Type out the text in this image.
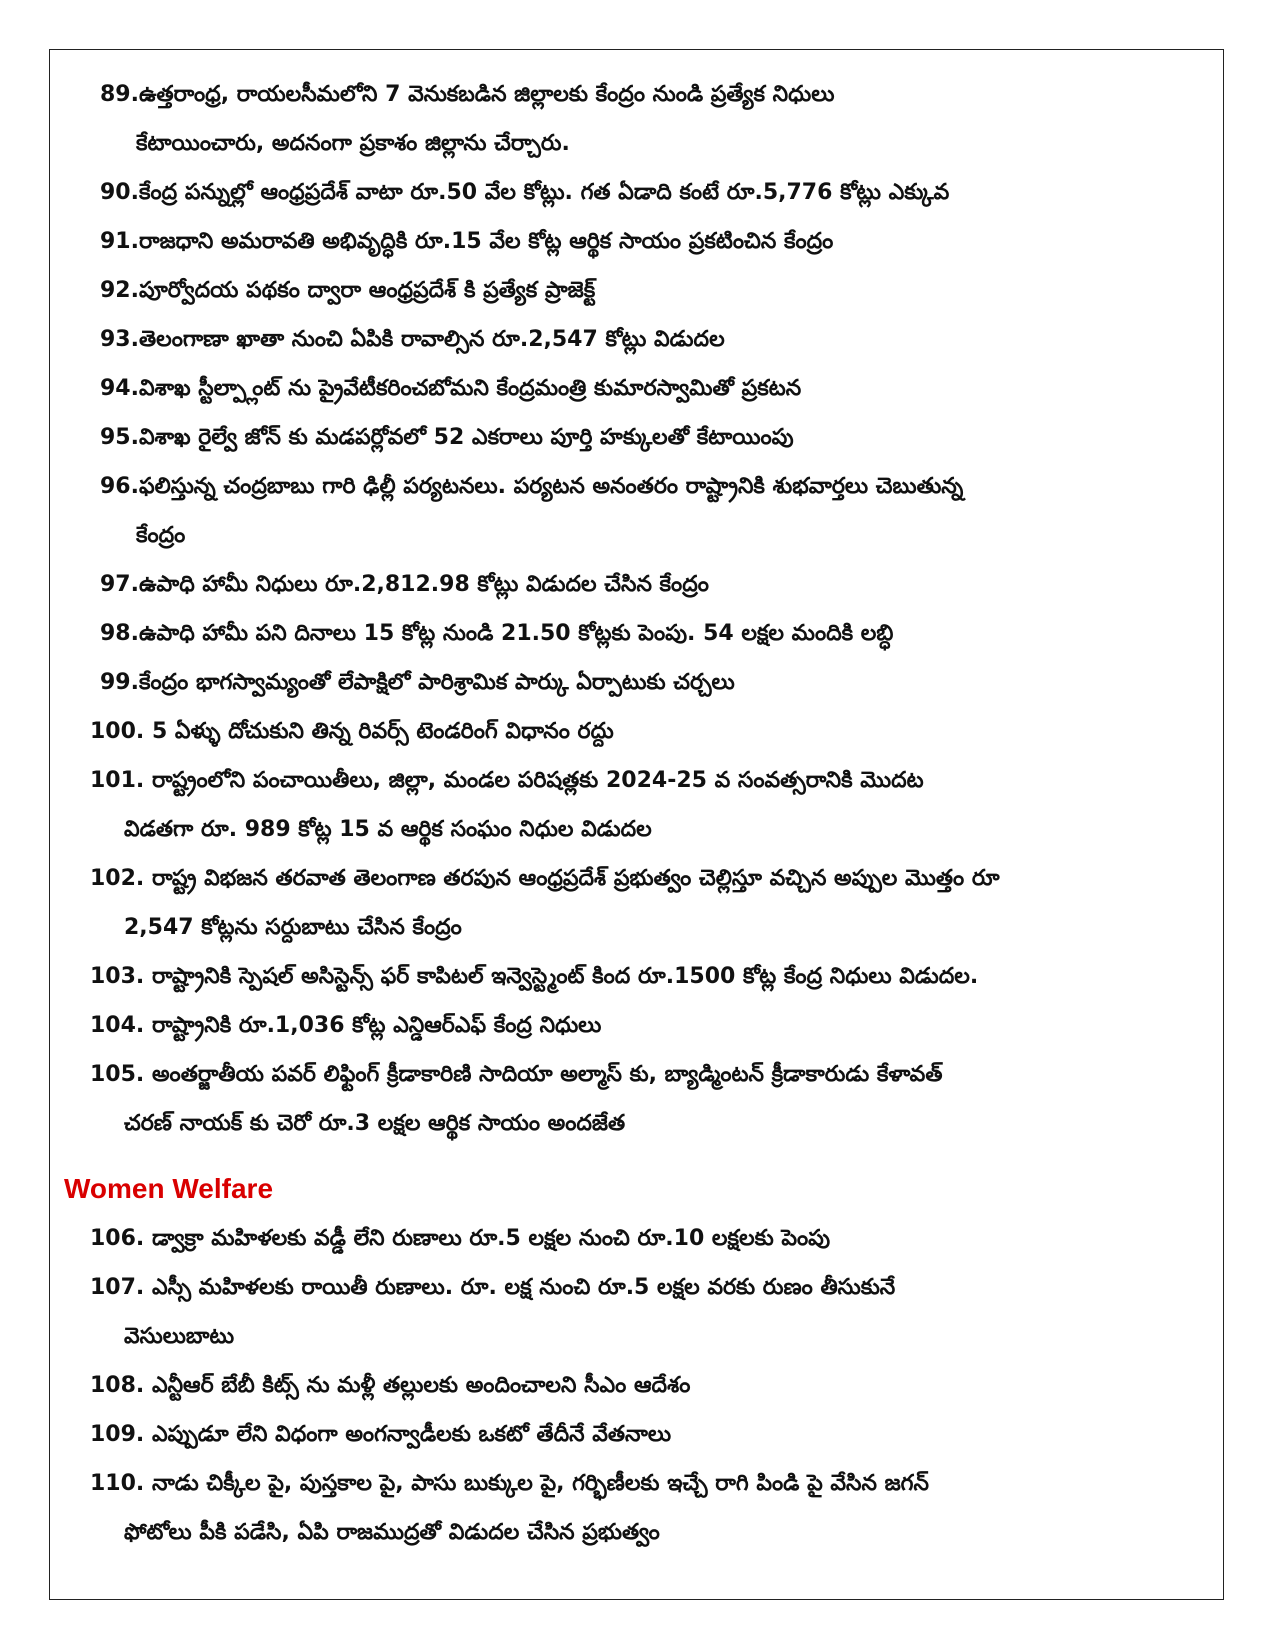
89.ఉత్తరాంధ్ర, రాయలసీమలోని 7 వెనుకబడిన జిల్లాలకు కేంద్రం నుండి ప్రత్యేక నిధులు
కేటాయించారు, అదనంగా ప్రకాశం జిల్లాను చేర్చారు.
90.కేంద్ర పన్నుల్లో ఆంధ్రప్రదేశ్ వాటా రూ.50 వేల కోట్లు. గత ఏడాది కంటే రూ.5,776 కోట్లు ఎక్కువ
91.రాజధాని అమరావతి అభివృద్ధికి రూ.15 వేల కోట్ల ఆర్థిక సాయం ప్రకటించిన కేంద్రం
92.పూర్వోదయ పథకం ద్వారా ఆంధ్రప్రదేశ్ కి ప్రత్యేక ప్రాజెక్ట్
93.తెలంగాణా ఖాతా నుంచి ఏపికి రావాల్సిన రూ.2,547 కోట్లు విడుదల
94.విశాఖ స్టీల్ప్లాంట్ ను ప్రైవేటీకరించబోమని కేంద్రమంత్రి కుమారస్వామితో ప్రకటన
95.విశాఖ రైల్వే జోన్ కు మడపర్లోవలో 52 ఎకరాలు పూర్తి హక్కులతో కేటాయింపు
96.ఫలిస్తున్న చంద్రబాబు గారి ఢిల్లీ పర్యటనలు. పర్యటన అనంతరం రాష్ట్రానికి శుభవార్తలు చెబుతున్న
కేంద్రం
97.ఉపాధి హామీ నిధులు రూ.2,812.98 కోట్లు విడుదల చేసిన కేంద్రం
98.ఉపాధి హామీ పని దినాలు 15 కోట్ల నుండి 21.50 కోట్లకు పెంపు. 54 లక్షల మందికి లబ్ధి
99.కేంద్రం భాగస్వామ్యంతో లేపాక్షిలో పారిశ్రామిక పార్కు ఏర్పాటుకు చర్చలు
100. 5 ఏళ్ళు దోచుకుని తిన్న రివర్స్ టెండరింగ్ విధానం రద్దు
101. రాష్ట్రంలోని పంచాయితీలు, జిల్లా, మండల పరిషత్లకు 2024-25 వ సంవత్సరానికి మొదట
విడతగా రూ. 989 కోట్ల 15 వ ఆర్థిక సంఘం నిధుల విడుదల
102. రాష్ట్ర విభజన తరవాత తెలంగాణ తరపున ఆంధ్రప్రదేశ్ ప్రభుత్వం చెల్లిస్తూ వచ్చిన అప్పుల మొత్తం రూ
2,547 కోట్లను సర్దుబాటు చేసిన కేంద్రం
103. రాష్ట్రానికి స్పెషల్ అసిస్టెన్స్ ఫర్ కాపిటల్ ఇన్వెస్ట్మెంట్ కింద రూ.1500 కోట్ల కేంద్ర నిధులు విడుదల.
104. రాష్ట్రానికి రూ.1,036 కోట్ల ఎన్డిఆర్ఎఫ్ కేంద్ర నిధులు
105. అంతర్జాతీయ పవర్ లిఫ్టింగ్ క్రీడాకారిణి సాదియా అల్మాస్ కు, బ్యాడ్మింటన్ క్రీడాకారుడు కేళావత్
చరణ్ నాయక్ కు చెరో రూ.3 లక్షల ఆర్థిక సాయం అందజేత
Women Welfare
106. డ్వాక్రా మహిళలకు వడ్డీ లేని రుణాలు రూ.5 లక్షల నుంచి రూ.10 లక్షలకు పెంపు
107. ఎస్సీ మహిళలకు రాయితీ రుణాలు. రూ. లక్ష నుంచి రూ.5 లక్షల వరకు రుణం తీసుకునే
వెసులుబాటు
108. ఎన్టీఆర్ బేబీ కిట్స్ ను మళ్లీ తల్లులకు అందించాలని సీఎం ఆదేశం
109. ఎప్పుడూ లేని విధంగా అంగన్వాడీలకు ఒకటో తేదీనే వేతనాలు
110. నాడు చిక్కీల పై, పుస్తకాల పై, పాసు బుక్కుల పై, గర్భిణీలకు ఇచ్చే రాగి పిండి పై వేసిన జగన్
ఫోటోలు పీకి పడేసి, ఏపి రాజముద్రతో విడుదల చేసిన ప్రభుత్వం
